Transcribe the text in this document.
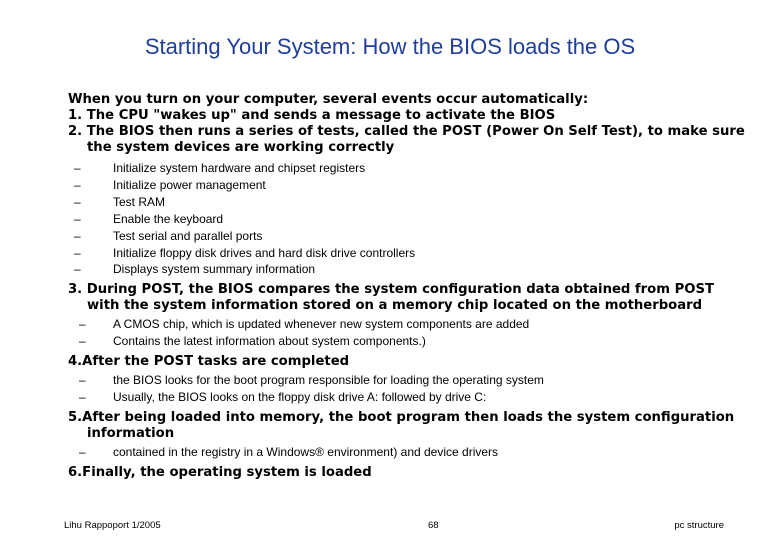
Starting Your System: How the BIOS loads the OS

When you turn on your computer, several events occur automatically:

1. The CPU "wakes up" and sends a message to activate the BIOS

2. The BIOS then runs a series of tests, called the POST (Power On Self Test), to make sure the system devices are working correctly

–	Initialize system hardware and chipset registers
–	Initialize power management
–	Test RAM
–	Enable the keyboard
–	Test serial and parallel ports
–	Initialize floppy disk drives and hard disk drive controllers
–	Displays system summary information

3. During POST, the BIOS compares the system configuration data obtained from POST with the system information stored on a memory chip located on the motherboard

–	A CMOS chip, which is updated whenever new system components are added
–	Contains the latest information about system components.)

4.After the POST tasks are completed

–	the BIOS looks for the boot program responsible for loading the operating system
–	Usually, the BIOS looks on the floppy disk drive A: followed by drive C:

5.After being loaded into memory, the boot program then loads the system configuration information

–	contained in the registry in a Windows® environment) and device drivers

6.Finally, the operating system is loaded

Lihu Rappoport 1/2005	68	pc structure
